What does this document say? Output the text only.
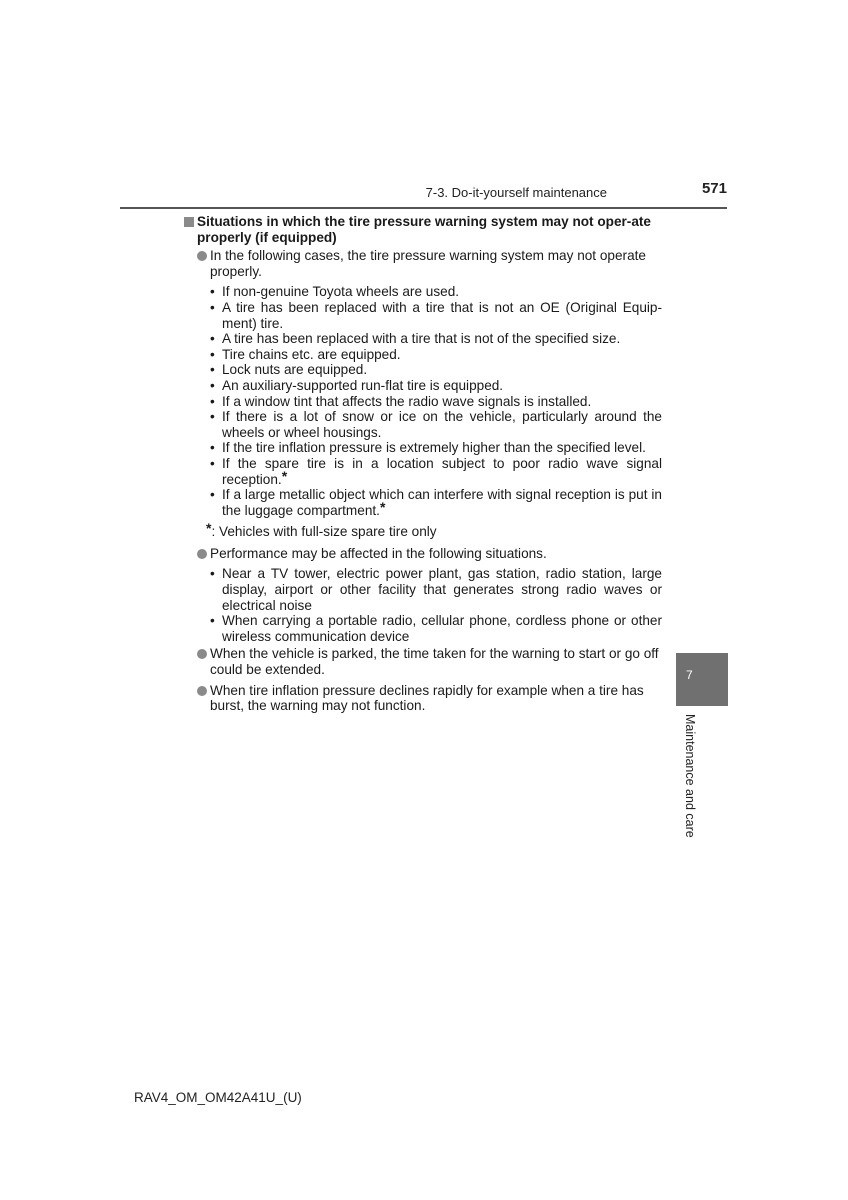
7-3. Do-it-yourself maintenance	571
Situations in which the tire pressure warning system may not oper-ate properly (if equipped)
In the following cases, the tire pressure warning system may not operate properly.
• If non-genuine Toyota wheels are used.
• A tire has been replaced with a tire that is not an OE (Original Equip-ment) tire.
• A tire has been replaced with a tire that is not of the specified size.
• Tire chains etc. are equipped.
• Lock nuts are equipped.
• An auxiliary-supported run-flat tire is equipped.
• If a window tint that affects the radio wave signals is installed.
• If there is a lot of snow or ice on the vehicle, particularly around the wheels or wheel housings.
• If the tire inflation pressure is extremely higher than the specified level.
• If the spare tire is in a location subject to poor radio wave signal reception.*
• If a large metallic object which can interfere with signal reception is put in the luggage compartment.*
*: Vehicles with full-size spare tire only
Performance may be affected in the following situations.
• Near a TV tower, electric power plant, gas station, radio station, large display, airport or other facility that generates strong radio waves or electrical noise
• When carrying a portable radio, cellular phone, cordless phone or other wireless communication device
When the vehicle is parked, the time taken for the warning to start or go off could be extended.
When tire inflation pressure declines rapidly for example when a tire has burst, the warning may not function.
7
Maintenance and care
RAV4_OM_OM42A41U_(U)
